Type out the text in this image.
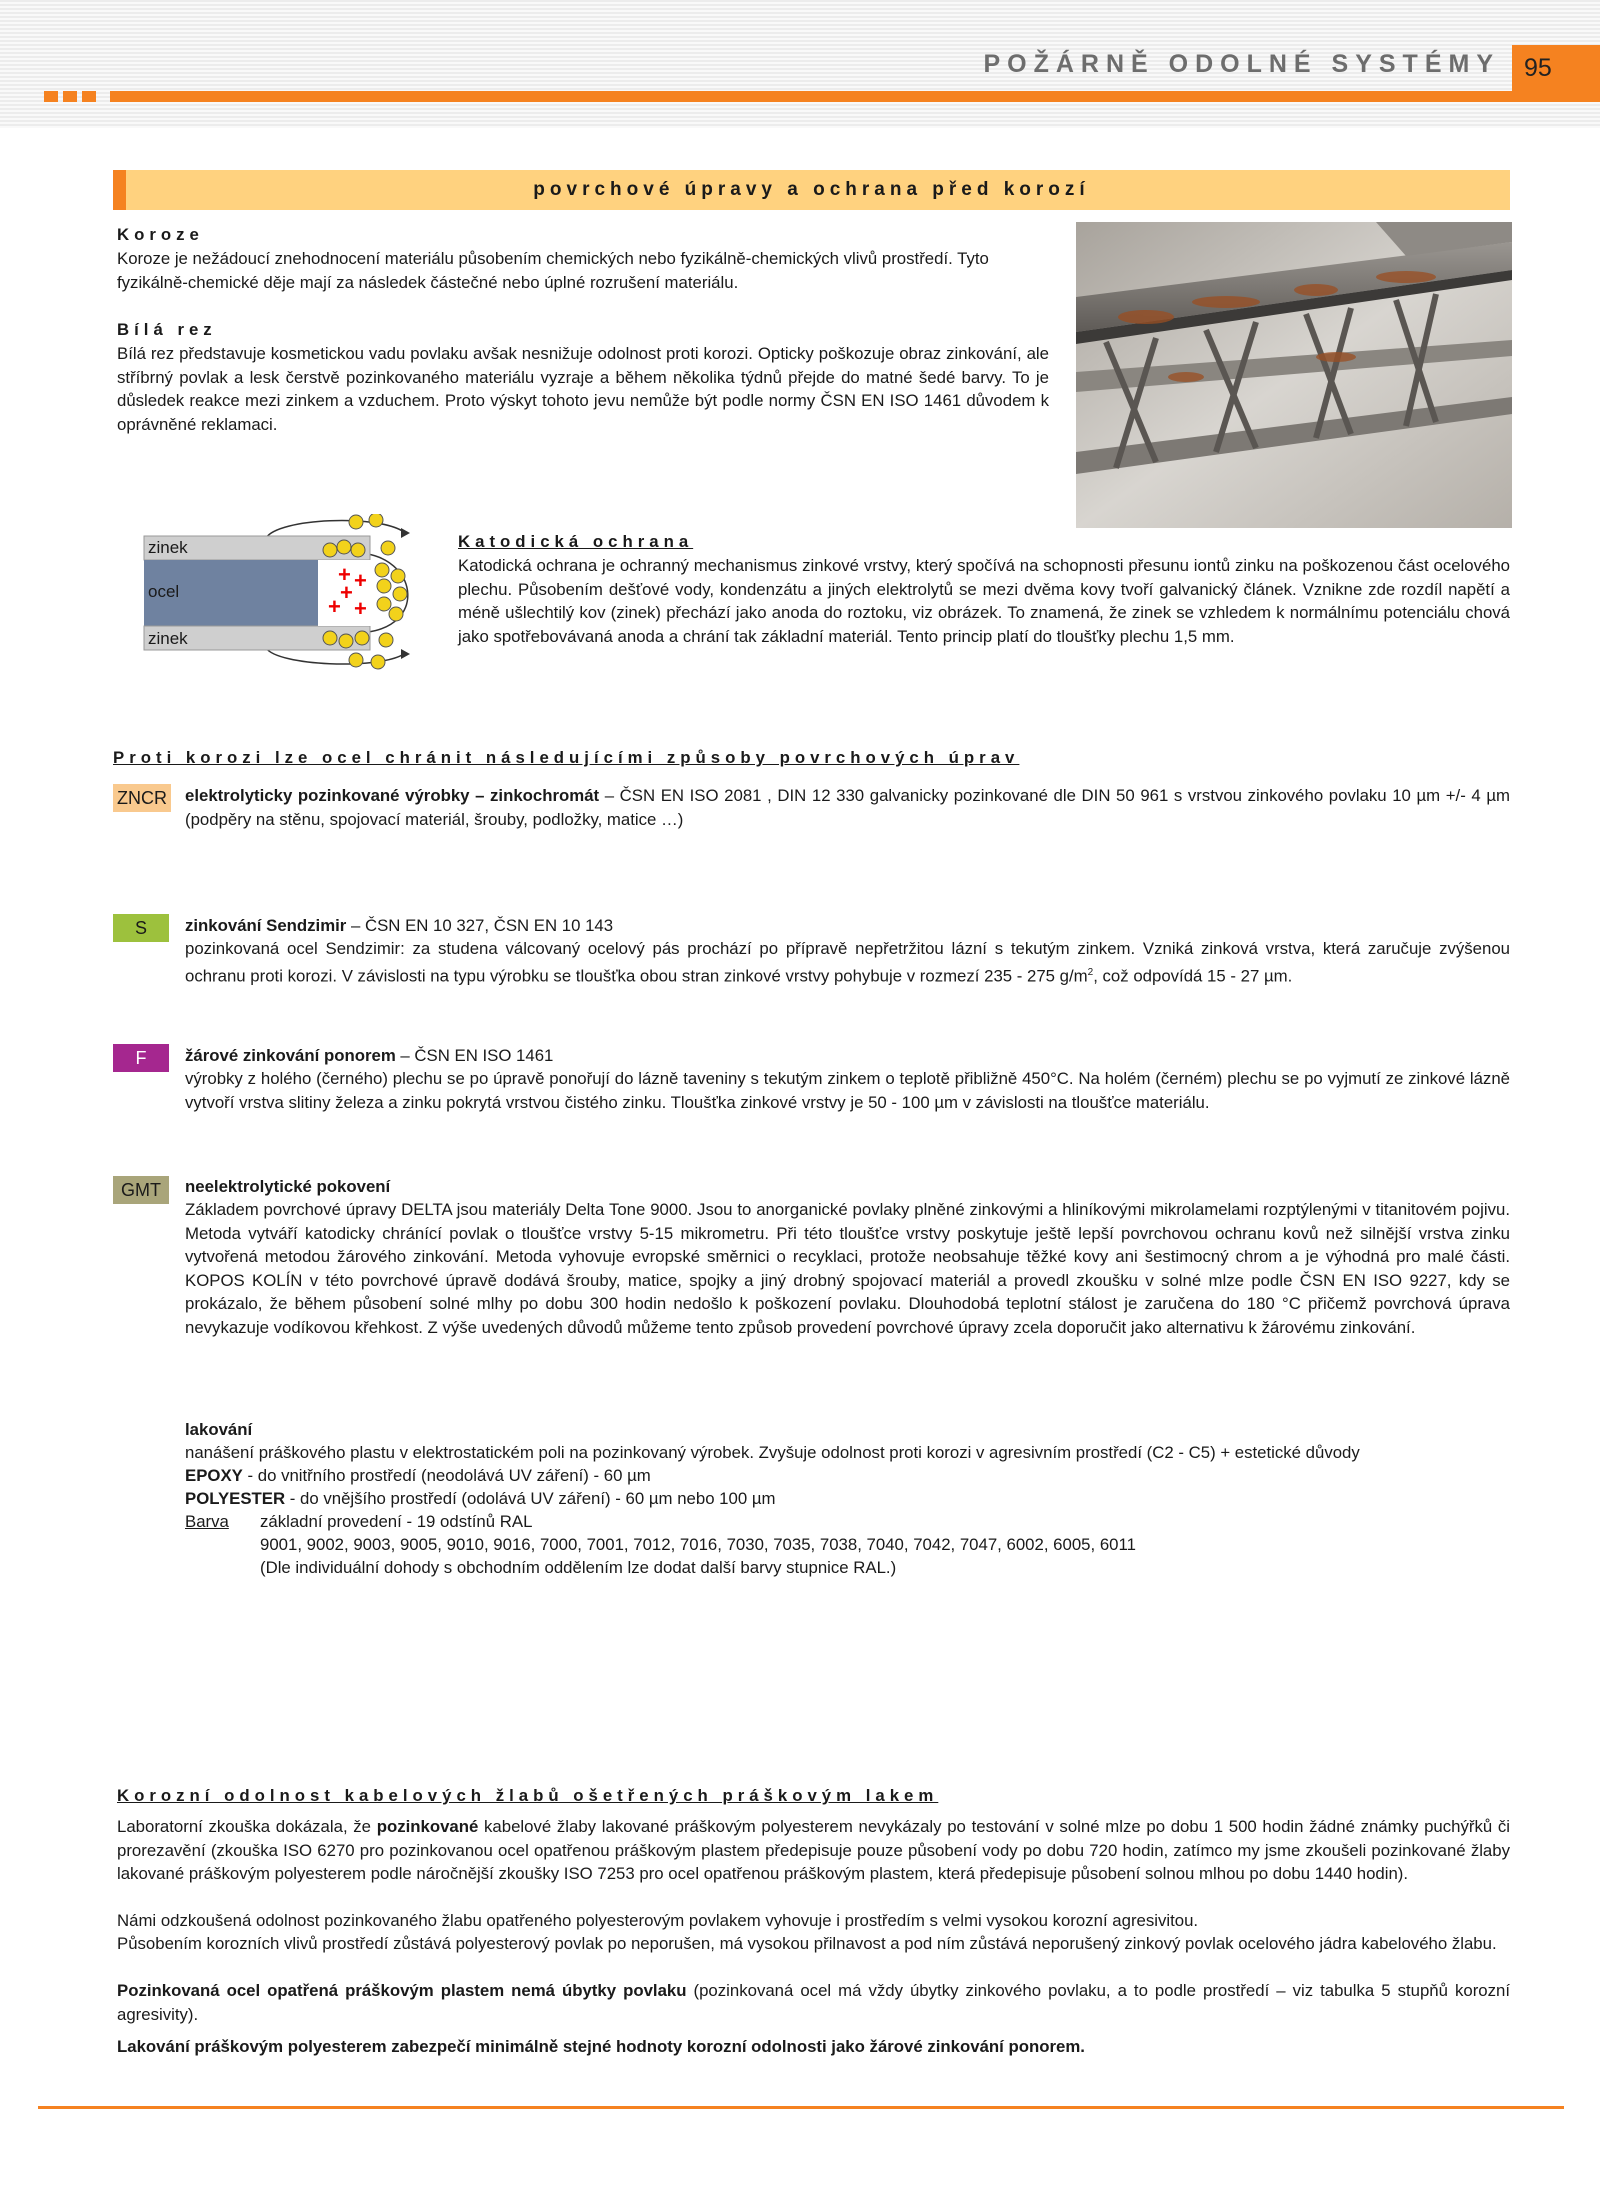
POŽÁRNĚ ODOLNÉ SYSTÉMY 95
povrchové úpravy a ochrana před korozí
Koroze
Koroze je nežádoucí znehodnocení materiálu působením chemických nebo fyzikálně-chemických vlivů prostředí. Tyto fyzikálně-chemické děje mají za následek částečné nebo úplné rozrušení materiálu.
Bílá rez
Bílá rez představuje kosmetickou vadu povlaku avšak nesnižuje odolnost proti korozi. Opticky poškozuje obraz zinkování, ale stříbrný povlak a lesk čerstvě pozinkovaného materiálu vyzraje a během několika týdnů přejde do matné šedé barvy. To je důsledek reakce mezi zinkem a vzduchem. Proto výskyt tohoto jevu nemůže být podle normy ČSN EN ISO 1461 důvodem k oprávněné reklamaci.
+ +
+
+ +
zinek
ocel
zinek
Katodická ochrana
Katodická ochrana je ochranný mechanismus zinkové vrstvy, který spočívá na schopnosti přesunu iontů zinku na poškozenou část ocelového plechu. Působením dešťové vody, kondenzátu a jiných elektrolytů se mezi dvěma kovy tvoří galvanický článek. Vznikne zde rozdíl napětí a méně ušlechtilý kov (zinek) přechází jako anoda do roztoku, viz obrázek. To znamená, že zinek se vzhledem k normálnímu potenciálu chová jako spotřebovávaná anoda a chrání tak základní materiál. Tento princip platí do tloušťky plechu 1,5 mm.
Proti korozi lze ocel chránit následujícími způsoby povrchových úprav
ZNCR elektrolyticky pozinkované výrobky – zinkochromát – ČSN EN ISO 2081 , DIN 12 330 galvanicky pozinkované dle DIN 50 961 s vrstvou zinkového povlaku 10 µm +/- 4 µm (podpěry na stěnu, spojovací materiál, šrouby, podložky, matice …)
S	zinkování Sendzimir – ČSN EN 10 327, ČSN EN 10 143
pozinkovaná ocel Sendzimir: za studena válcovaný ocelový pás prochází po přípravě nepřetržitou lázní s tekutým zinkem. Vzniká zinková vrstva, která zaručuje zvýšenou ochranu proti korozi. V závislosti na typu výrobku se tloušťka obou stran zinkové vrstvy pohybuje v rozmezí 235 - 275 $g/m^2$, což odpovídá 15 - 27 µm.
F	žárové zinkování ponorem – ČSN EN ISO 1461
výrobky z holého (černého) plechu se po úpravě ponořují do lázně taveniny s tekutým zinkem o teplotě přibližně 450°C. Na holém (černém) plechu se po vyjmutí ze zinkové lázně vytvoří vrstva slitiny železa a zinku pokrytá vrstvou čistého zinku. Tloušťka zinkové vrstvy je 50 - 100 µm v závislosti na tloušťce materiálu.
GMT	neelektrolytické pokovení
Základem povrchové úpravy DELTA jsou materiály Delta Tone 9000. Jsou to anorganické povlaky plněné zinkovými a hliníkovými mikrolamelami rozptýlenými v titanitovém pojivu. Metoda vytváří katodicky chránící povlak o tloušťce vrstvy 5-15 mikrometru. Při této tloušťce vrstvy poskytuje ještě lepší povrchovou ochranu kovů než silnější vrstva zinku vytvořená metodou žárového zinkování. Metoda vyhovuje evropské směrnici o recyklaci, protože neobsahuje těžké kovy ani šestimocný chrom a je výhodná pro malé části. KOPOS KOLÍN v této povrchové úpravě dodává šrouby, matice, spojky a jiný drobný spojovací materiál a provedl zkoušku v solné mlze podle ČSN EN ISO 9227, kdy se prokázalo, že během působení solné mlhy po dobu 300 hodin nedošlo k poškození povlaku. Dlouhodobá teplotní stálost je zaručena do 180 °C přičemž povrchová úprava nevykazuje vodíkovou křehkost. Z výše uvedených důvodů můžeme tento způsob provedení povrchové úpravy zcela doporučit jako alternativu k žárovému zinkování.
lakování
nanášení práškového plastu v elektrostatickém poli na pozinkovaný výrobek. Zvyšuje odolnost proti korozi v agresivním prostředí (C2 - C5) + estetické důvody
EPOXY - do vnitřního prostředí (neodolává UV záření) - 60 µm
POLYESTER - do vnějšího prostředí (odolává UV záření) - 60 µm nebo 100 µm
Barva základní provedení - 19 odstínů RAL
9001, 9002, 9003, 9005, 9010, 9016, 7000, 7001, 7012, 7016, 7030, 7035, 7038, 7040, 7042, 7047, 6002, 6005, 6011
(Dle individuální dohody s obchodním oddělením lze dodat další barvy stupnice RAL.)
Korozní odolnost kabelových žlabů ošetřených práškovým lakem
Laboratorní zkouška dokázala, že pozinkované kabelové žlaby lakované práškovým polyesterem nevykázaly po testování v solné mlze po dobu 1 500 hodin žádné známky puchýřků či prorezavění (zkouška ISO 6270 pro pozinkovanou ocel opatřenou práškovým plastem předepisuje pouze působení vody po dobu 720 hodin, zatímco my jsme zkoušeli pozinkované žlaby lakované práškovým polyesterem podle náročnější zkoušky ISO 7253 pro ocel opatřenou práškovým plastem, která předepisuje působení solnou mlhou po dobu 1440 hodin).
Námi odzkoušená odolnost pozinkovaného žlabu opatřeného polyesterovým povlakem vyhovuje i prostředím s velmi vysokou korozní agresivitou.
Působením korozních vlivů prostředí zůstává polyesterový povlak po neporušen, má vysokou přilnavost a pod ním zůstává neporušený zinkový povlak ocelového jádra kabelového žlabu.
Pozinkovaná ocel opatřená práškovým plastem nemá úbytky povlaku (pozinkovaná ocel má vždy úbytky zinkového povlaku, a to podle prostředí – viz tabulka 5 stupňů korozní agresivity).
Lakování práškovým polyesterem zabezpečí minimálně stejné hodnoty korozní odolnosti jako žárové zinkování ponorem.
